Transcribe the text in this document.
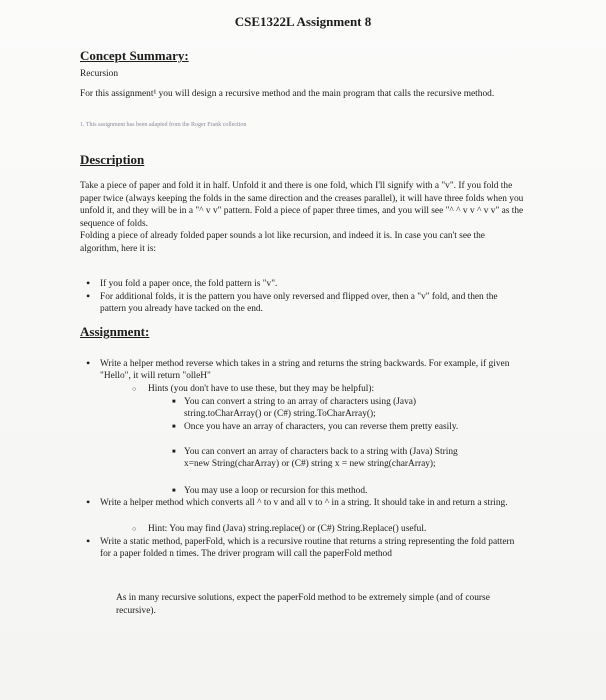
CSE1322L Assignment 8
Concept Summary:
Recursion
For this assignment¹ you will design a recursive method and the main program that calls the recursive method.
1. This assignment has been adapted from the Roger Frank collection
Description
Take a piece of paper and fold it in half. Unfold it and there is one fold, which I'll signify with a "v". If you fold the paper twice (always keeping the folds in the same direction and the creases parallel), it will have three folds when you unfold it, and they will be in a "^ v v" pattern. Fold a piece of paper three times, and you will see "^ ^ v v ^ v v" as the sequence of folds.
Folding a piece of already folded paper sounds a lot like recursion, and indeed it is. In case you can't see the algorithm, here it is:
• If you fold a paper once, the fold pattern is "v".
• For additional folds, it is the pattern you have only reversed and flipped over, then a "v" fold, and then the pattern you already have tacked on the end.
Assignment:
• Write a helper method reverse which takes in a string and returns the string backwards. For example, if given "Hello", it will return "olleH"
○ Hints (you don't have to use these, but they may be helpful):
■ You can convert a string to an array of characters using (Java) string.toCharArray() or (C#) string.ToCharArray();
■ Once you have an array of characters, you can reverse them pretty easily.
■ You can convert an array of characters back to a string with (Java) String x=new String(charArray) or (C#) string x = new string(charArray);
■ You may use a loop or recursion for this method.
• Write a helper method which converts all ^ to v and all v to ^ in a string. It should take in and return a string.
○ Hint: You may find (Java) string.replace() or (C#) String.Replace() useful.
• Write a static method, paperFold, which is a recursive routine that returns a string representing the fold pattern for a paper folded n times. The driver program will call the paperFold method
As in many recursive solutions, expect the paperFold method to be extremely simple (and of course recursive).
